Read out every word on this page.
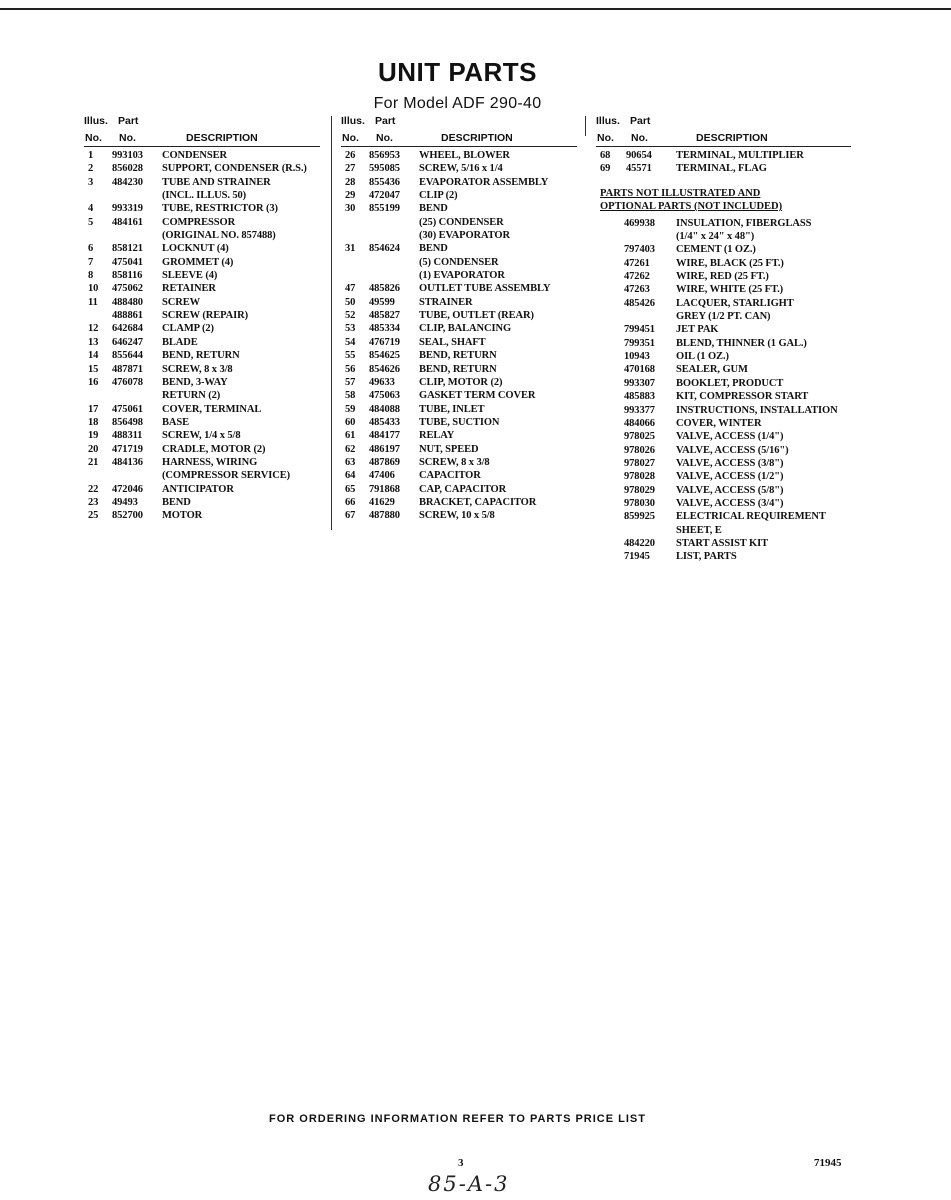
UNIT PARTS
For Model ADF 290-40
Illus. Part
No. No.	DESCRIPTION
1 993103 CONDENSER
2 856028 SUPPORT, CONDENSER (R.S.)
3 484230 TUBE AND STRAINER
(INCL. ILLUS. 50)
4 993319 TUBE, RESTRICTOR (3)
5 484161 COMPRESSOR
(ORIGINAL NO. 857488)
6 858121 LOCKNUT (4)
7 475041 GROMMET (4)
8 858116 SLEEVE (4)
10 475062 RETAINER
11 488480 SCREW
488861 SCREW (REPAIR)
12 642684 CLAMP (2)
13 646247 BLADE
14 855644 BEND, RETURN
15 487871 SCREW, 8 x 3/8
16 476078 BEND, 3-WAY
RETURN (2)
17 475061 COVER, TERMINAL
18 856498 BASE
19 488311 SCREW, 1/4 x 5/8
20 471719 CRADLE, MOTOR (2)
21 484136 HARNESS, WIRING
(COMPRESSOR SERVICE)
22 472046 ANTICIPATOR
23 49493 BEND
25 852700 MOTOR
Illus. Part
No. No.	DESCRIPTION
26 856953 WHEEL, BLOWER
27 595085 SCREW, 5/16 x 1/4
28 855436 EVAPORATOR ASSEMBLY
29 472047 CLIP (2)
30 855199 BEND
(25) CONDENSER
(30) EVAPORATOR
31 854624 BEND
(5) CONDENSER
(1) EVAPORATOR
47 485826 OUTLET TUBE ASSEMBLY
50 49599 STRAINER
52 485827 TUBE, OUTLET (REAR)
53 485334 CLIP, BALANCING
54 476719 SEAL, SHAFT
55 854625 BEND, RETURN
56 854626 BEND, RETURN
57 49633 CLIP, MOTOR (2)
58 475063 GASKET TERM COVER
59 484088 TUBE, INLET
60 485433 TUBE, SUCTION
61 484177 RELAY
62 486197 NUT, SPEED
63 487869 SCREW, 8 x 3/8
64 47406 CAPACITOR
65 791868 CAP, CAPACITOR
66 41629 BRACKET, CAPACITOR
67 487880 SCREW, 10 x 5/8
Illus. Part
No. No.	DESCRIPTION
68 90654 TERMINAL, MULTIPLIER
69 45571 TERMINAL, FLAG
PARTS NOT ILLUSTRATED AND
OPTIONAL PARTS (NOT INCLUDED)
469938 INSULATION, FIBERGLASS
(1/4" x 24" x 48")
797403 CEMENT (1 OZ.)
47261 WIRE, BLACK (25 FT.)
47262 WIRE, RED (25 FT.)
47263 WIRE, WHITE (25 FT.)
485426 LACQUER, STARLIGHT
GREY (1/2 PT. CAN)
799451 JET PAK
799351 BLEND, THINNER (1 GAL.)
10943 OIL (1 OZ.)
470168 SEALER, GUM
993307 BOOKLET, PRODUCT
485883 KIT, COMPRESSOR START
993377 INSTRUCTIONS, INSTALLATION
484066 COVER, WINTER
978025 VALVE, ACCESS (1/4")
978026 VALVE, ACCESS (5/16")
978027 VALVE, ACCESS (3/8")
978028 VALVE, ACCESS (1/2")
978029 VALVE, ACCESS (5/8")
978030 VALVE, ACCESS (3/4")
859925 ELECTRICAL REQUIREMENT
SHEET, E
484220 START ASSIST KIT
71945 LIST, PARTS
FOR ORDERING INFORMATION REFER TO PARTS PRICE LIST
3	71945
85-A-3
